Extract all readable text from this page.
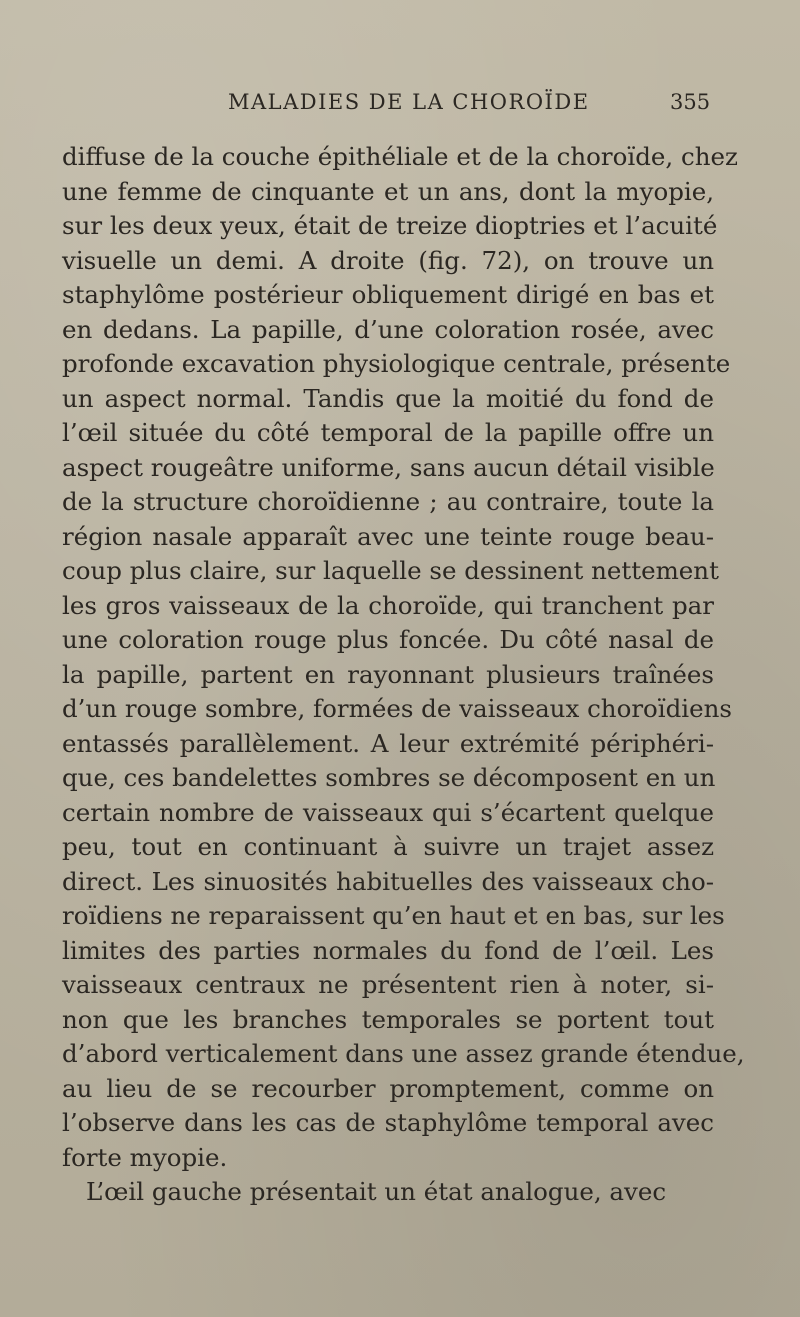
MALADIES DE LA CHOROÏDE	355
diffuse de la couche épithéliale et de la choroïde, chez
une femme de cinquante et un ans, dont la myopie,
sur les deux yeux, était de treize dioptries et l’acuité
visuelle un demi. A droite (fig. 72), on trouve un
staphylôme postérieur obliquement dirigé en bas et
en dedans. La papille, d’une coloration rosée, avec
profonde excavation physiologique centrale, présente
un aspect normal. Tandis que la moitié du fond de
l’œil située du côté temporal de la papille offre un
aspect rougeâtre uniforme, sans aucun détail visible
de la structure choroïdienne ; au contraire, toute la
région nasale apparaît avec une teinte rouge beau-
coup plus claire, sur laquelle se dessinent nettement
les gros vaisseaux de la choroïde, qui tranchent par
une coloration rouge plus foncée. Du côté nasal de
la papille, partent en rayonnant plusieurs traînées
d’un rouge sombre, formées de vaisseaux choroïdiens
entassés parallèlement. A leur extrémité périphéri-
que, ces bandelettes sombres se décomposent en un
certain nombre de vaisseaux qui s’écartent quelque
peu, tout en continuant à suivre un trajet assez
direct. Les sinuosités habituelles des vaisseaux cho-
roïdiens ne reparaissent qu’en haut et en bas, sur les
limites des parties normales du fond de l’œil. Les
vaisseaux centraux ne présentent rien à noter, si-
non que les branches temporales se portent tout
d’abord verticalement dans une assez grande étendue,
au lieu de se recourber promptement, comme on
l’observe dans les cas de staphylôme temporal avec
forte myopie.
L’œil gauche présentait un état analogue, avec
